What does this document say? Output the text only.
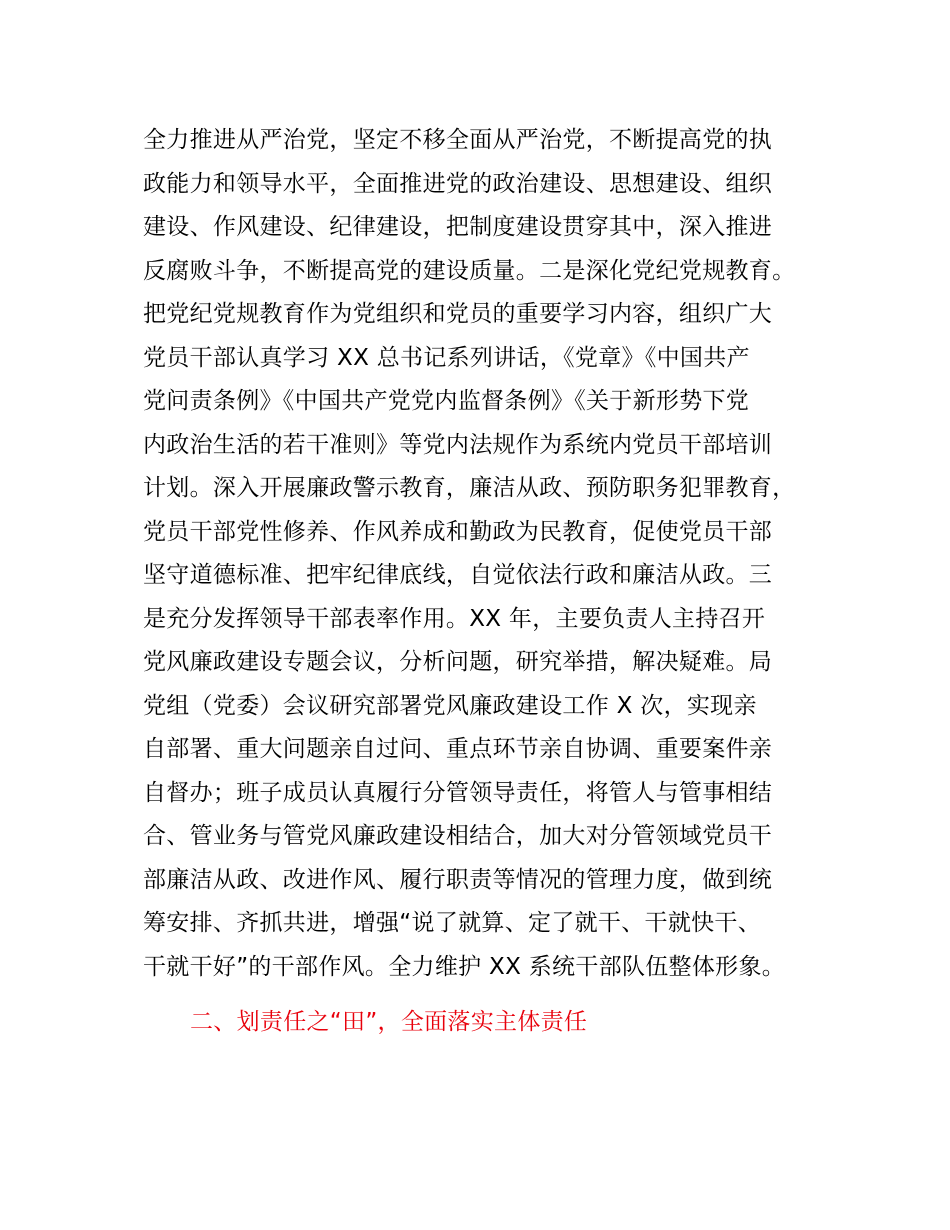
全力推进从严治党，坚定不移全面从严治党，不断提高党的执
政能力和领导水平，全面推进党的政治建设、思想建设、组织
建设、作风建设、纪律建设，把制度建设贯穿其中，深入推进
反腐败斗争，不断提高党的建设质量。二是深化党纪党规教育。
把党纪党规教育作为党组织和党员的重要学习内容，组织广大
党员干部认真学习 XX 总书记系列讲话，《党章》《中国共产
党问责条例》《中国共产党党内监督条例》《关于新形势下党
内政治生活的若干准则》等党内法规作为系统内党员干部培训
计划。深入开展廉政警示教育，廉洁从政、预防职务犯罪教育，
党员干部党性修养、作风养成和勤政为民教育，促使党员干部
坚守道德标准、把牢纪律底线，自觉依法行政和廉洁从政。三
是充分发挥领导干部表率作用。XX 年，主要负责人主持召开
党风廉政建设专题会议，分析问题，研究举措，解决疑难。局
党组（党委）会议研究部署党风廉政建设工作 X 次，实现亲
自部署、重大问题亲自过问、重点环节亲自协调、重要案件亲
自督办；班子成员认真履行分管领导责任，将管人与管事相结
合、管业务与管党风廉政建设相结合，加大对分管领域党员干
部廉洁从政、改进作风、履行职责等情况的管理力度，做到统
筹安排、齐抓共进，增强“说了就算、定了就干、干就快干、
干就干好”的干部作风。全力维护 XX 系统干部队伍整体形象。
二、划责任之“田”，全面落实主体责任
